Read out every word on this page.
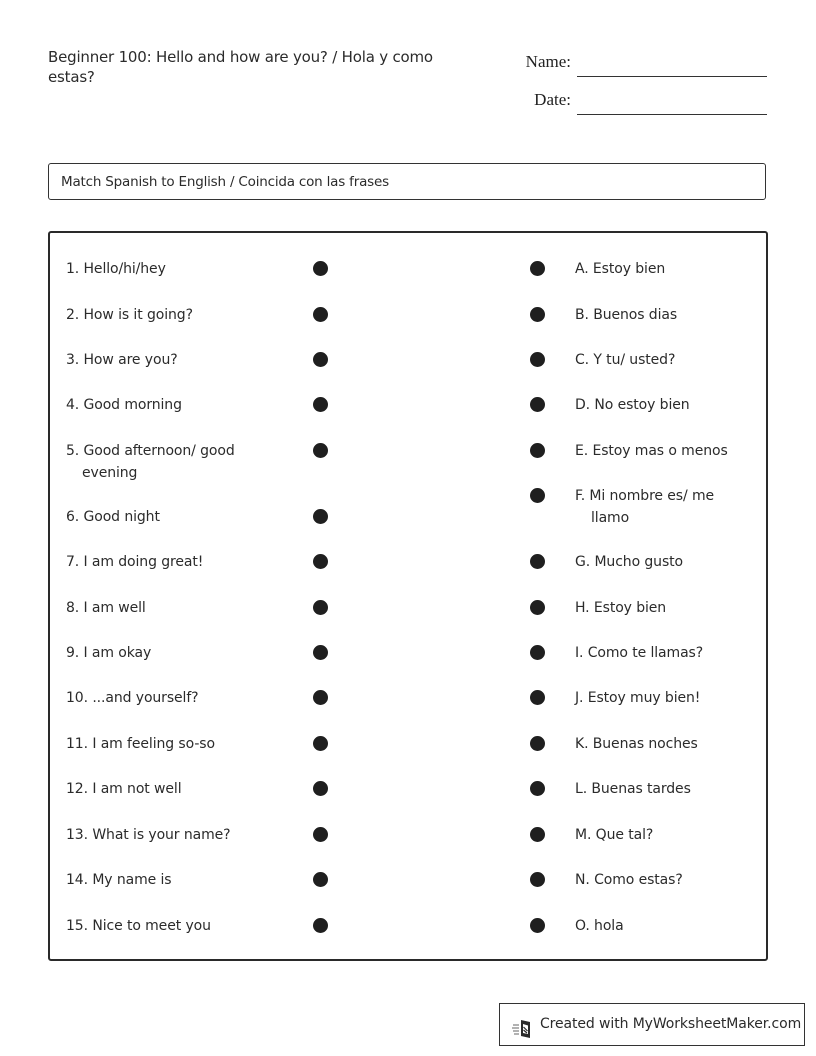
Beginner 100: Hello and how are you? / Hola y como estas?
Name:
Date:
Match Spanish to English / Coincida con las frases
1. Hello/hi/hey
2. How is it going?
3. How are you?
4. Good morning
5. Good afternoon/ good
evening
6. Good night
7. I am doing great!
8. I am well
9. I am okay
10. ...and yourself?
11. I am feeling so-so
12. I am not well
13. What is your name?
14. My name is
15. Nice to meet you
A. Estoy bien
B. Buenos dias
C. Y tu/ usted?
D. No estoy bien
E. Estoy mas o menos
F. Mi nombre es/ me
llamo
G. Mucho gusto
H. Estoy bien
I. Como te llamas?
J. Estoy muy bien!
K. Buenas noches
L. Buenas tardes
M. Que tal?
N. Como estas?
O. hola
Created with MyWorksheetMaker.com
